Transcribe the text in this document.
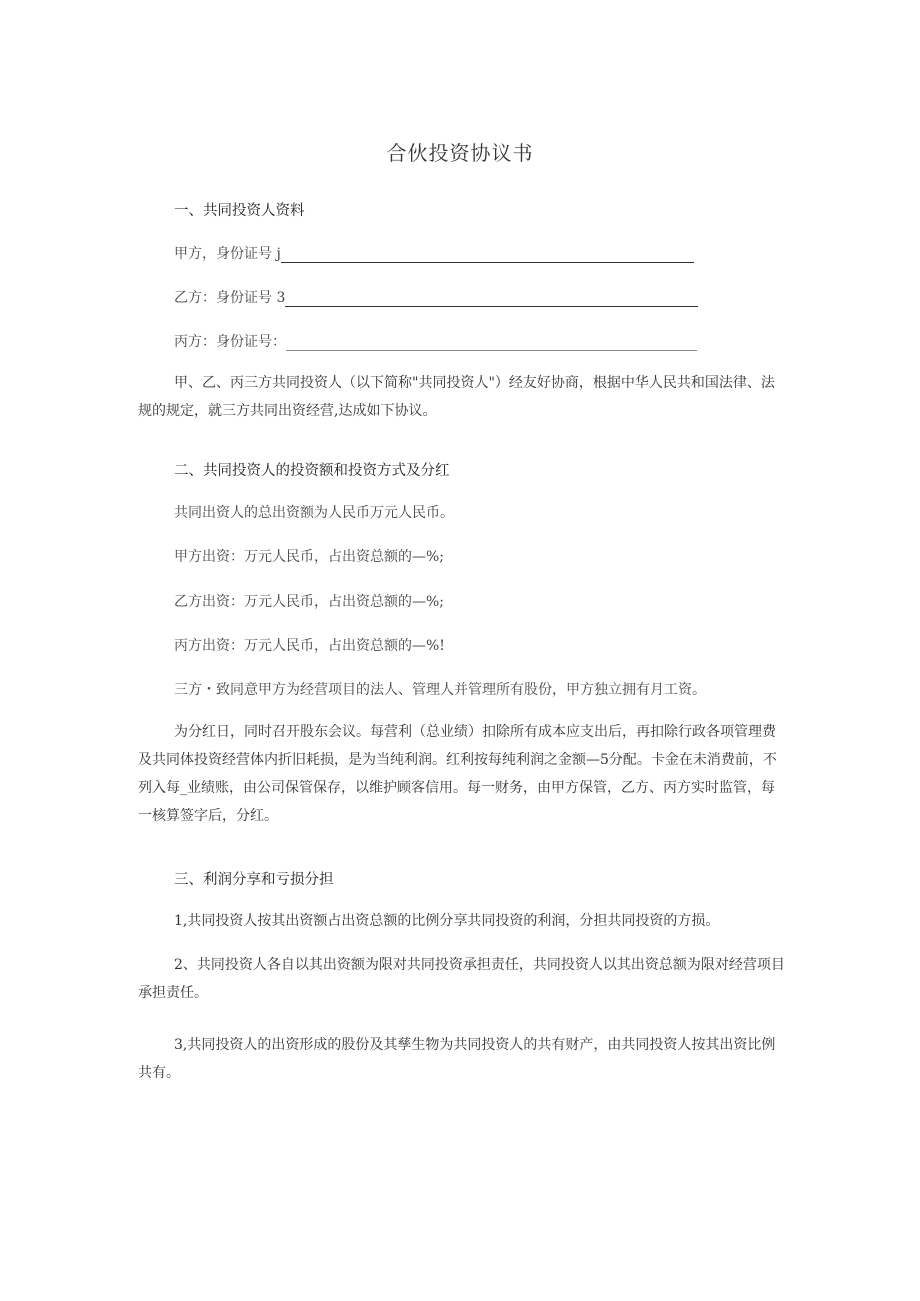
合伙投资协议书
一、共同投资人资料
甲方，身份证号 j
乙方：身份证号 3
丙方：身份证号：
甲、乙、丙三方共同投资人（以下简称"共同投资人"）经友好协商，根据中华人民共和国法律、法规的规定，就三方共同出资经营,达成如下协议。
二、共同投资人的投资额和投资方式及分红
共同出资人的总出资额为人民币万元人民币。
甲方出资：万元人民币，占出资总额的—%;
乙方出资：万元人民币，占出资总额的—%;
丙方出资：万元人民币，占出资总额的—%!
三方・致同意甲方为经营项目的法人、管理人并管理所有股份，甲方独立拥有月工资。
为分红日，同时召开股东会议。每营利（总业绩）扣除所有成本应支出后，再扣除行政各项管理费及共同体投资经营体内折旧耗损，是为当纯利润。红利按每纯利润之金额—5分配。卡金在未消费前，不列入每_业绩账，由公司保管保存，以维护顾客信用。每一财务，由甲方保管，乙方、丙方实时监管，每一核算签字后，分红。
三、利润分享和亏损分担
1,共同投资人按其出资额占出资总额的比例分享共同投资的利润，分担共同投资的方损。
2、共同投资人各自以其出资额为限对共同投资承担责任，共同投资人以其出资总额为限对经营项目承担责任。
3,共同投资人的出资形成的股份及其孳生物为共同投资人的共有财产，由共同投资人按其出资比例共有。
